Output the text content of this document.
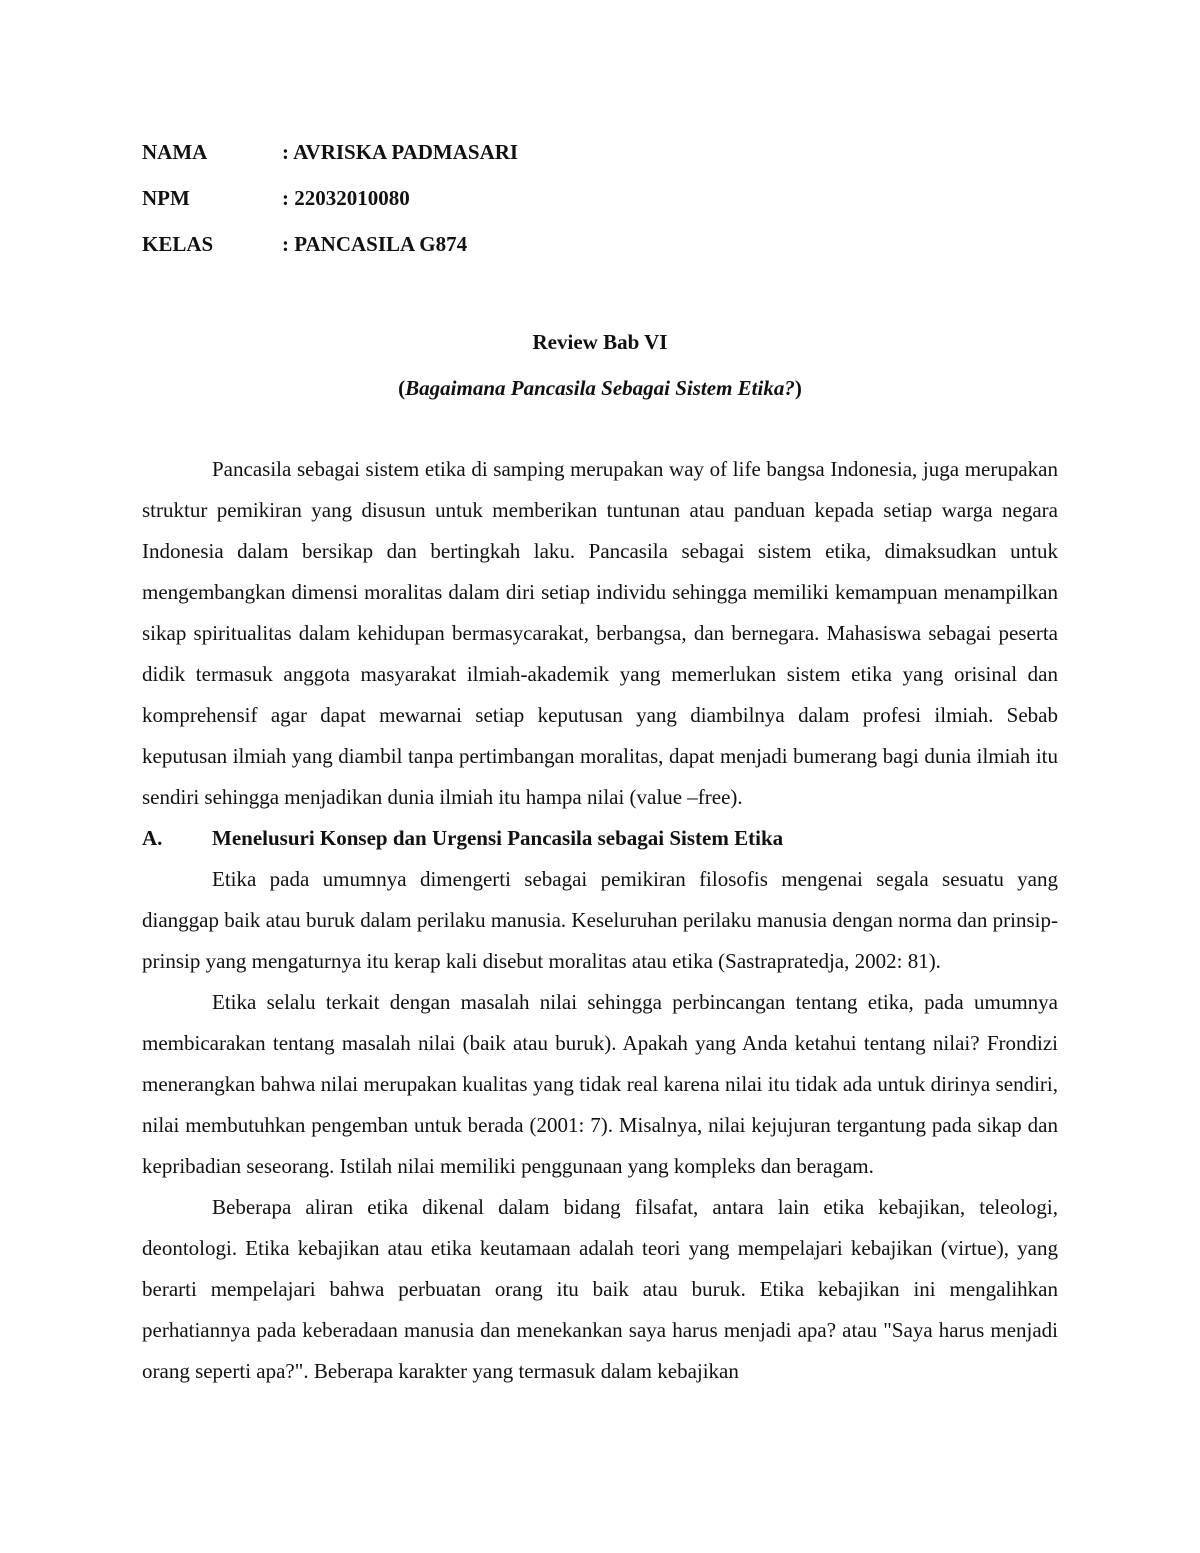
NAMA	: AVRISKA PADMASARI
NPM	: 22032010080
KELAS	: PANCASILA G874
Review Bab VI
(Bagaimana Pancasila Sebagai Sistem Etika?)

Pancasila sebagai sistem etika di samping merupakan way of life bangsa Indonesia, juga merupakan struktur pemikiran yang disusun untuk memberikan tuntunan atau panduan kepada setiap warga negara Indonesia dalam bersikap dan bertingkah laku. Pancasila sebagai sistem etika, dimaksudkan untuk mengembangkan dimensi moralitas dalam diri setiap individu sehingga memiliki kemampuan menampilkan sikap spiritualitas dalam kehidupan bermasycarakat, berbangsa, dan bernegara. Mahasiswa sebagai peserta didik termasuk anggota masyarakat ilmiah-akademik yang memerlukan sistem etika yang orisinal dan komprehensif agar dapat mewarnai setiap keputusan yang diambilnya dalam profesi ilmiah. Sebab keputusan ilmiah yang diambil tanpa pertimbangan moralitas, dapat menjadi bumerang bagi dunia ilmiah itu sendiri sehingga menjadikan dunia ilmiah itu hampa nilai (value –free).

A.	Menelusuri Konsep dan Urgensi Pancasila sebagai Sistem Etika

Etika pada umumnya dimengerti sebagai pemikiran filosofis mengenai segala sesuatu yang dianggap baik atau buruk dalam perilaku manusia. Keseluruhan perilaku manusia dengan norma dan prinsip-prinsip yang mengaturnya itu kerap kali disebut moralitas atau etika (Sastrapratedja, 2002: 81).

Etika selalu terkait dengan masalah nilai sehingga perbincangan tentang etika, pada umumnya membicarakan tentang masalah nilai (baik atau buruk). Apakah yang Anda ketahui tentang nilai? Frondizi menerangkan bahwa nilai merupakan kualitas yang tidak real karena nilai itu tidak ada untuk dirinya sendiri, nilai membutuhkan pengemban untuk berada (2001: 7). Misalnya, nilai kejujuran tergantung pada sikap dan kepribadian seseorang. Istilah nilai memiliki penggunaan yang kompleks dan beragam.

Beberapa aliran etika dikenal dalam bidang filsafat, antara lain etika kebajikan, teleologi, deontologi. Etika kebajikan atau etika keutamaan adalah teori yang mempelajari kebajikan (virtue), yang berarti mempelajari bahwa perbuatan orang itu baik atau buruk. Etika kebajikan ini mengalihkan perhatiannya pada keberadaan manusia dan menekankan saya harus menjadi apa? atau "Saya harus menjadi orang seperti apa?". Beberapa karakter yang termasuk dalam kebajikan
